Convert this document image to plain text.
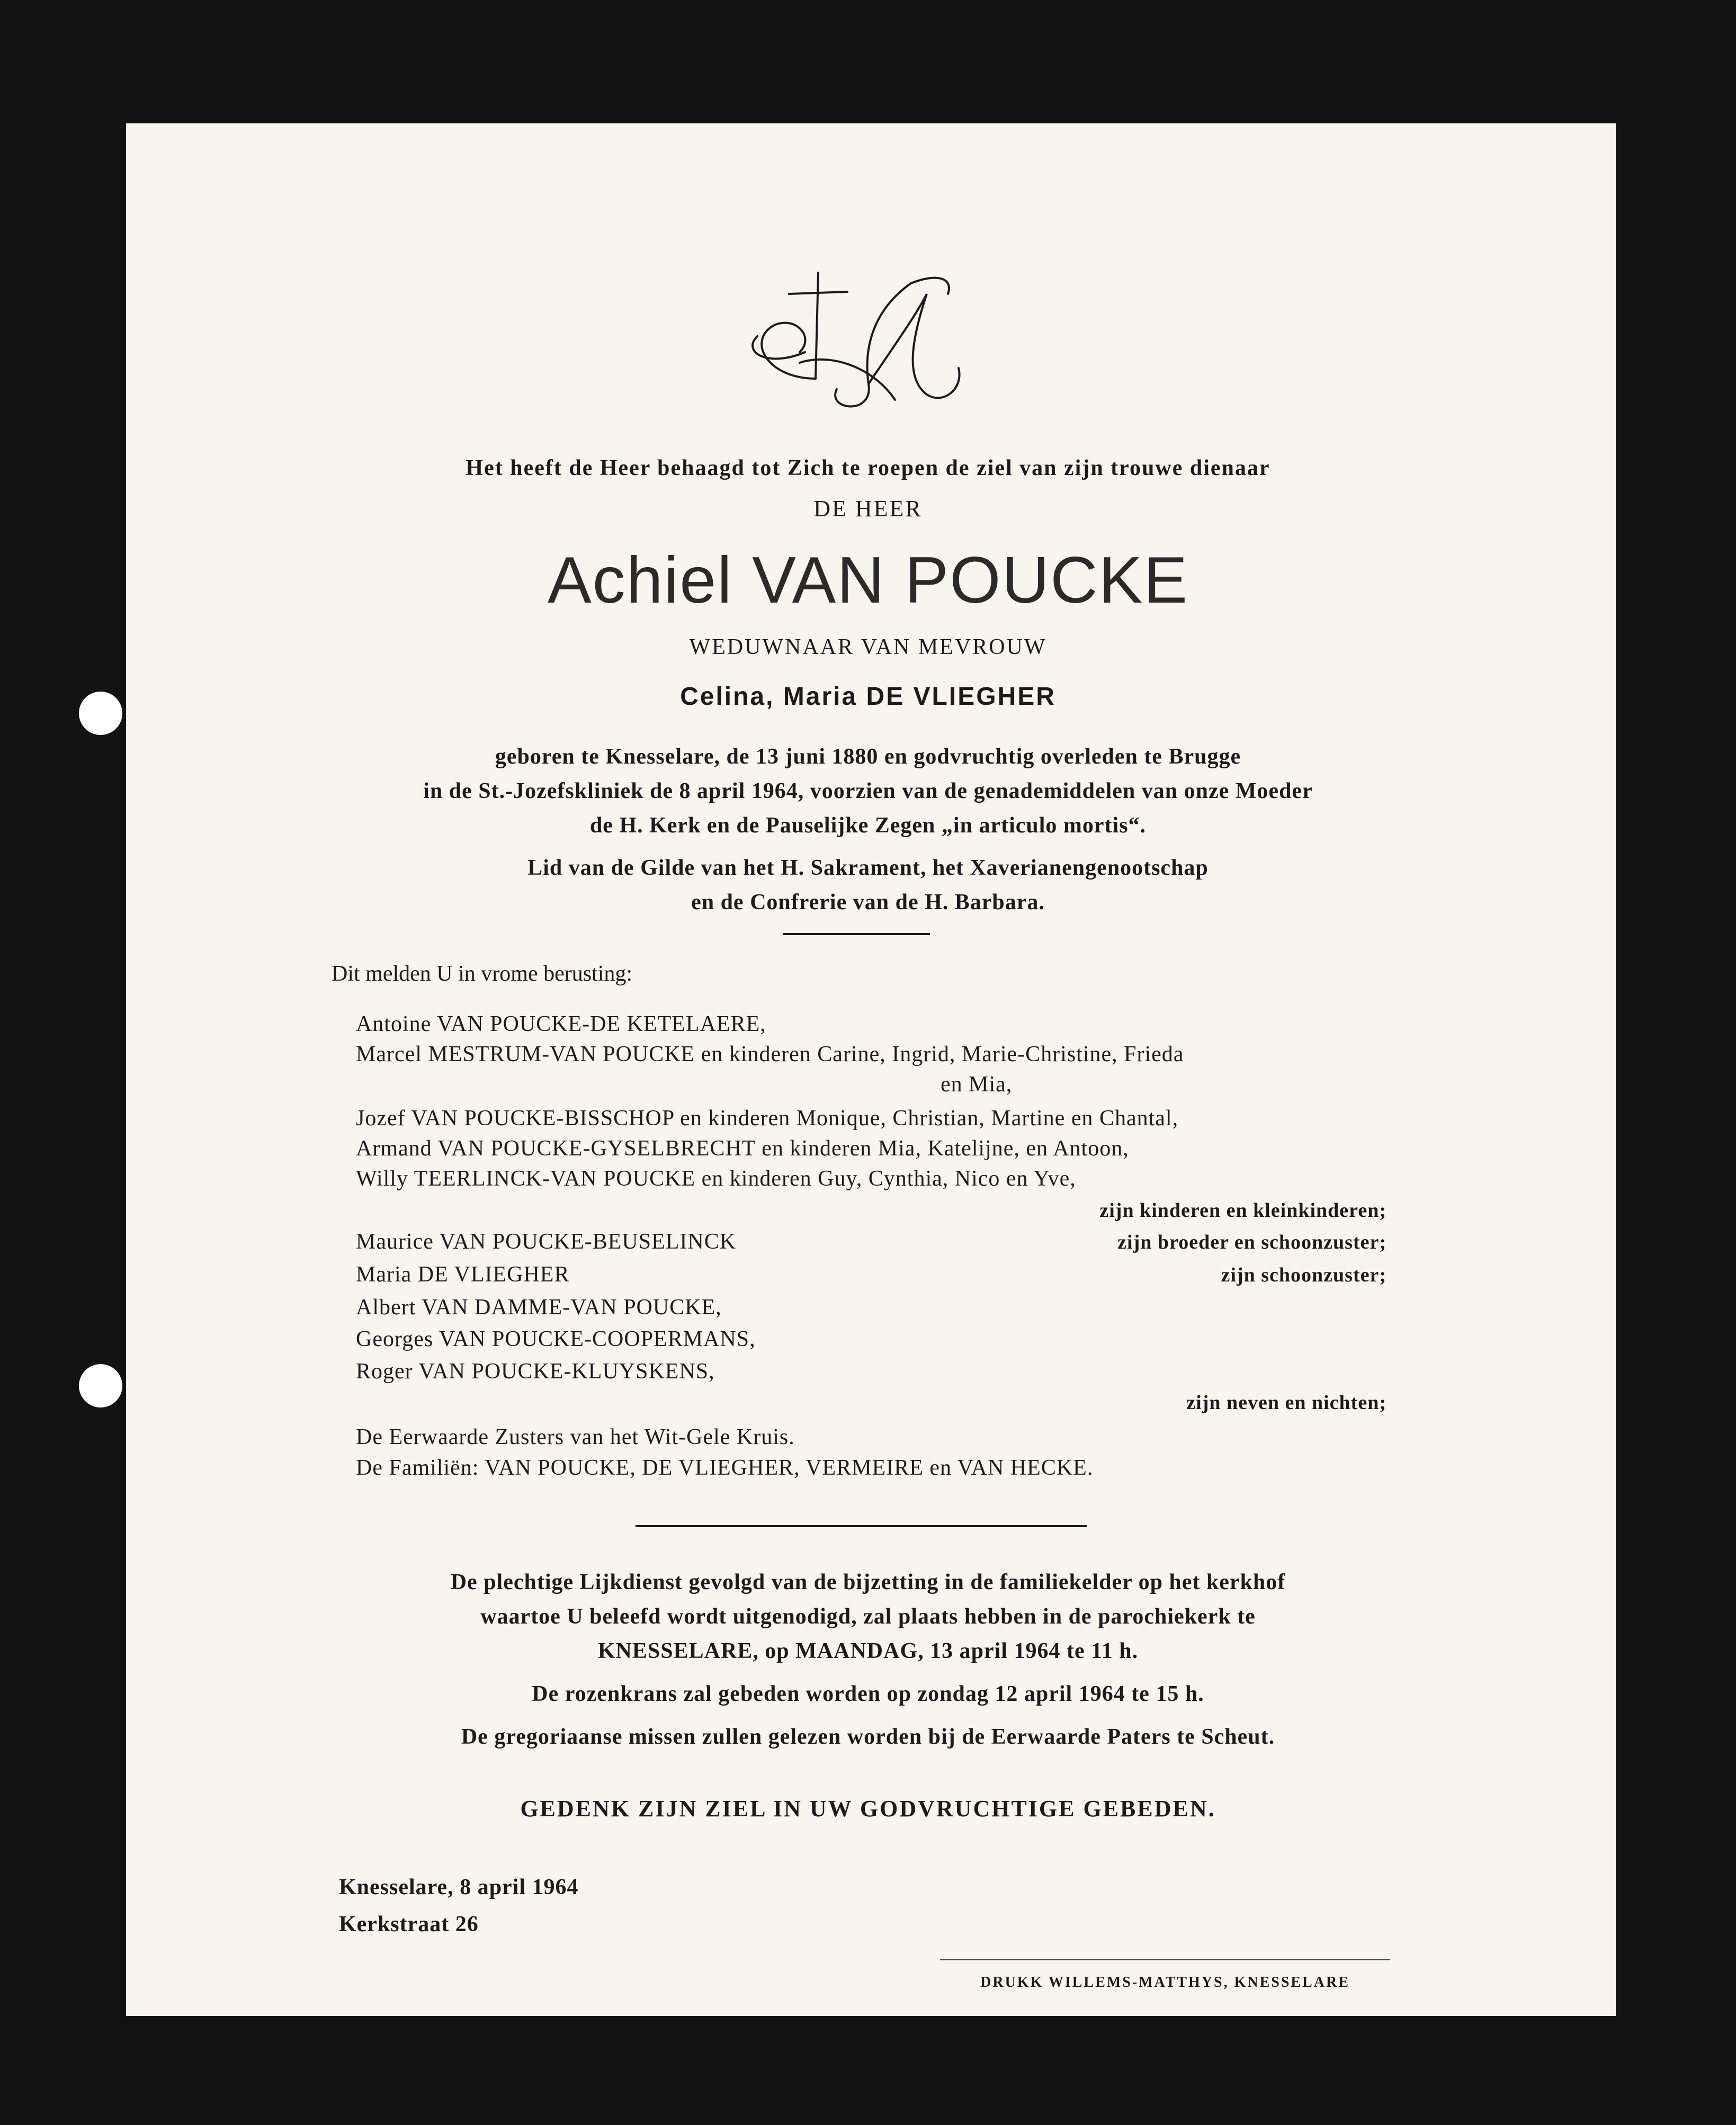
Het heeft de Heer behaagd tot Zich te roepen de ziel van zijn trouwe dienaar
DE HEER
Achiel VAN POUCKE
WEDUWNAAR VAN MEVROUW
Celina, Maria DE VLIEGHER
geboren te Knesselare, de 13 juni 1880 en godvruchtig overleden te Brugge
in de St.-Jozefskliniek de 8 april 1964, voorzien van de genademiddelen van onze Moeder
de H. Kerk en de Pauselijke Zegen „in articulo mortis“.
Lid van de Gilde van het H. Sakrament, het Xaverianengenootschap
en de Confrerie van de H. Barbara.
Dit melden U in vrome berusting:
Antoine VAN POUCKE-DE KETELAERE,
Marcel MESTRUM-VAN POUCKE en kinderen Carine, Ingrid, Marie-Christine, Frieda
en Mia,
Jozef VAN POUCKE-BISSCHOP en kinderen Monique, Christian, Martine en Chantal,
Armand VAN POUCKE-GYSELBRECHT en kinderen Mia, Katelijne, en Antoon,
Willy TEERLINCK-VAN POUCKE en kinderen Guy, Cynthia, Nico en Yve,
zijn kinderen en kleinkinderen;
Maurice VAN POUCKE-BEUSELINCK	zijn broeder en schoonzuster;
Maria DE VLIEGHER	zijn schoonzuster;
Albert VAN DAMME-VAN POUCKE,
Georges VAN POUCKE-COOPERMANS,
Roger VAN POUCKE-KLUYSKENS,
zijn neven en nichten;
De Eerwaarde Zusters van het Wit-Gele Kruis.
De Familiën: VAN POUCKE, DE VLIEGHER, VERMEIRE en VAN HECKE.
De plechtige Lijkdienst gevolgd van de bijzetting in de familiekelder op het kerkhof
waartoe U beleefd wordt uitgenodigd, zal plaats hebben in de parochiekerk te
KNESSELARE, op MAANDAG, 13 april 1964 te 11 h.
De rozenkrans zal gebeden worden op zondag 12 april 1964 te 15 h.
De gregoriaanse missen zullen gelezen worden bij de Eerwaarde Paters te Scheut.
GEDENK ZIJN ZIEL IN UW GODVRUCHTIGE GEBEDEN.
Knesselare, 8 april 1964
Kerkstraat 26
DRUKK WILLEMS-MATTHYS, KNESSELARE
